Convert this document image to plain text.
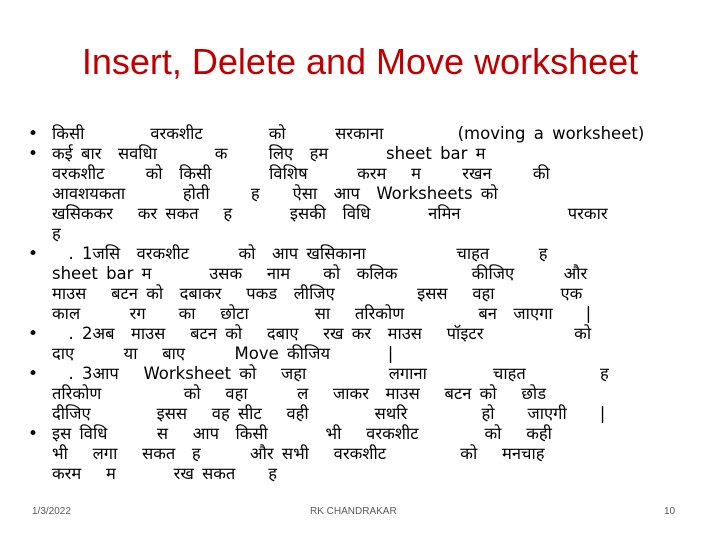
Insert, Delete and Move worksheet
• किसी        वरकशीट        को      सरकाना         (moving a worksheet)
• कई बार  सवधिा       क     लिए  हम       sheet bar म
वरकशीट     को  किसी       विशिष      करम   म     रखन     की
आवशयकता       होती     ह    ऐसा  आप  Worksheets को
खसिककर   कर सकत   ह       इसकी  विधि       नमिन             परकार
ह
• . 1जसि  वरकशीट      को  आप खसिकाना           चाहत      ह
sheet bar म       उसक   नाम    को  कलिक         कीजिए      और
माउस   बटन को  दबाकर   पकड  लीजिए          इसस   वहा        एक
काल      रग    का   छोटा        सा   तरिकोण         बन  जाएगा    |
• . 2अब  माउस   बटन को   दबाए   रख कर  माउस   पॉइटर           को
दाए      या   बाए      Move कीजिय       |
• . 3आप   Worksheet को   जहा          लगाना        चाहत         ह
तरिकोण          को   वहा      ल   जाकर  माउस   बटन को   छोड
दीजिए        इसस   वह सीट   वही        सथरि         हो    जाएगी    |
• इस विधि      स   आप  किसी       भी   वरकशीट        को   कही
भी   लगा   सकत  ह      और सभी   वरकशीट         को   मनचाह
करम   म       रख सकत    ह
1/3/2022	RK CHANDRAKAR	10
